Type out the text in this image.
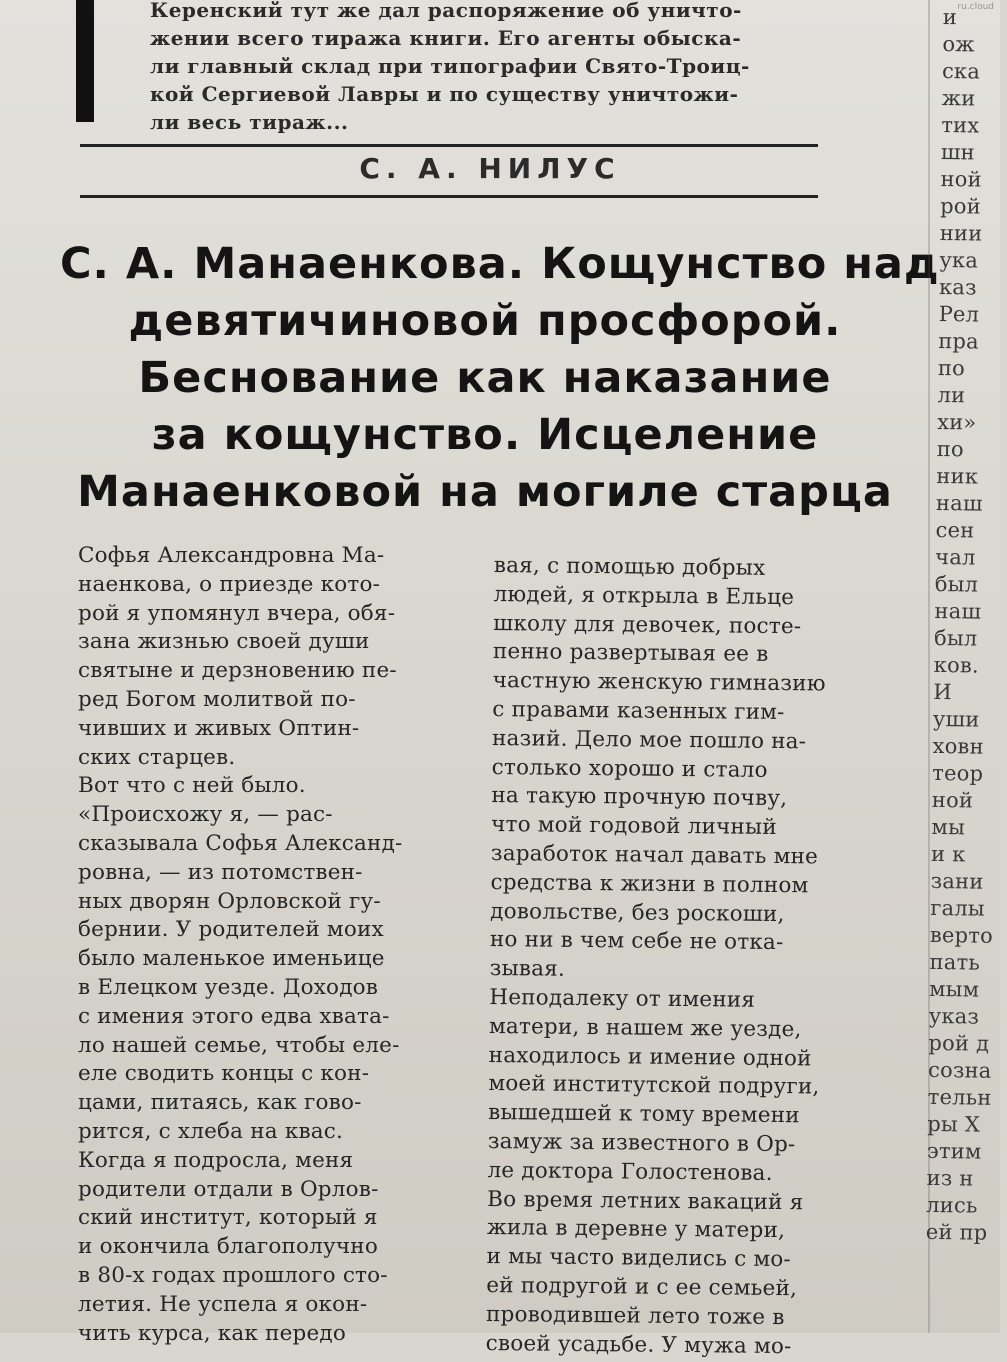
Керенский тут же дал распоряжение об уничто-
жении всего тиража книги. Его агенты обыска-
ли главный склад при типографии Свято-Троиц-
кой Сергиевой Лавры и по существу уничтожи-
ли весь тираж...
С. А. НИЛУС
С. А. Манаенкова. Кощунство над
девятичиновой просфорой.
Беснование как наказание
за кощунство. Исцеление
Манаенковой на могиле старца
Софья Александровна Ма-
наенкова, о приезде кото-
рой я упомянул вчера, обя-
зана жизнью своей души
святыне и дерзновению пе-
ред Богом молитвой по-
чивших и живых Оптин-
ских старцев.
Вот что с ней было.
«Происхожу я, — рас-
сказывала Софья Александ-
ровна, — из потомствен-
ных дворян Орловской гу-
бернии. У родителей моих
было маленькое именьице
в Елецком уезде. Доходов
с имения этого едва хвата-
ло нашей семье, чтобы еле-
еле сводить концы с кон-
цами, питаясь, как гово-
рится, с хлеба на квас.
Когда я подросла, меня
родители отдали в Орлов-
ский институт, который я
и окончила благополучно
в 80-х годах прошлого сто-
летия. Не успела я окон-
чить курса, как передо
вая, с помощью добрых
людей, я открыла в Ельце
школу для девочек, посте-
пенно развертывая ее в
частную женскую гимназию
с правами казенных гим-
назий. Дело мое пошло на-
столько хорошо и стало
на такую прочную почву,
что мой годовой личный
заработок начал давать мне
средства к жизни в полном
довольстве, без роскоши,
но ни в чем себе не отка-
зывая.
Неподалеку от имения
матери, в нашем же уезде,
находилось и имение одной
моей институтской подруги,
вышедшей к тому времени
замуж за известного в Ор-
ле доктора Голостенова.
Во время летних вакаций я
жила в деревне у матери,
и мы часто виделись с мо-
ей подругой и с ее семьей,
проводившей лето тоже в
своей усадьбе. У мужа мо-
и
ож
ска
жи
тих
шн
ной
рой
нии
ука
каз
Рел
пра
по
ли
хи»
по
ник
наш
сен
чал
был
наш
был
ков.
И
уши
ховн
теор
ной
мы
и к
зани
галы
верто
пать
мым
указ
рой д
созна
тельн
ры Х
этим
из н
лись
ей пр
ru.cloud
